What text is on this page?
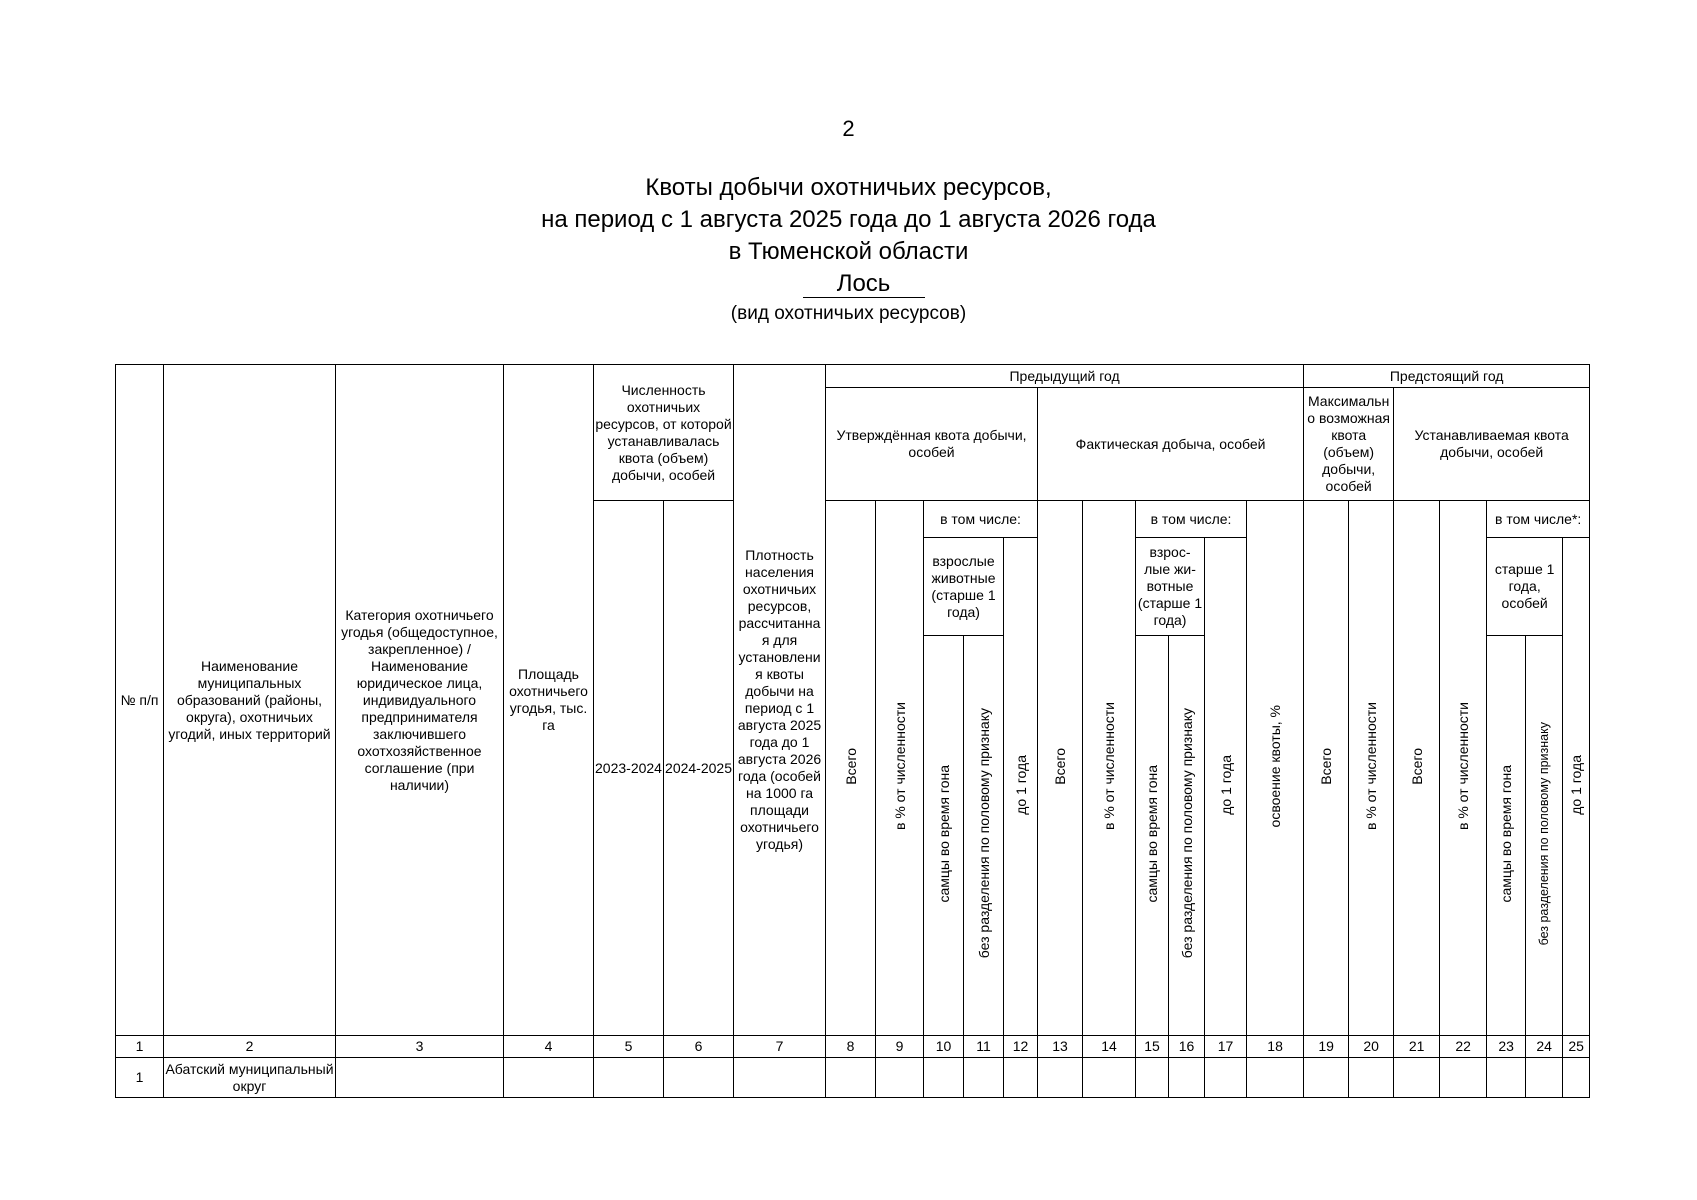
2
Квоты добычи охотничьих ресурсов,
на период с 1 августа 2025 года до 1 августа 2026 года
в Тюменской области
Лось
(вид охотничьих ресурсов)
№ п/п	Наименование муниципальных образований (районы, округа), охотничьих угодий, иных территорий	Категория охотничьего угодья (общедоступное, закрепленное) / Наименование юридическое лица, индивидуального предпринимателя заключившего охотхозяйственное соглашение (при наличии)	Площадь охотничьего угодья, тыс. га	Численность охотничьих ресурсов, от которой устанавливалась квота (объем) добычи, особей		Плотность населения охотничьих ресурсов, рассчитанная для установления квоты добычи на период с 1 августа 2025 года до 1 августа 2026 года (особей на 1000 га площади охотничьего угодья)	Предыдущий год											Предстоящий год						
							Утверждённая квота добычи, особей					Фактическая добыча, особей						Максимально возможная квота (объем) добычи, особей		Устанавливаемая квота добычи, особей				
				2023-2024	2024-2025		Всего	в % от численности	в том числе:			Всего	в % от численности	в том числе:			освоение квоты, %	Всего	в % от численности	Всего	в % от численности	в том числе*:		
									взрослые животные (старше 1 года)		до 1 года			взрос-лые жи-вотные (старше 1 года)		до 1 года						старше 1 года, особей		до 1 года
									самцы во время гона	без разделения по половому признаку				самцы во время гона	без разделения по половому признаку							самцы во время гона	без разделения по половому признаку	
1	2	3	4	5	6	7	8	9	10	11	12	13	14	15	16	17	18	19	20	21	22	23	24	25
1	Абатский муниципальный округ																							
